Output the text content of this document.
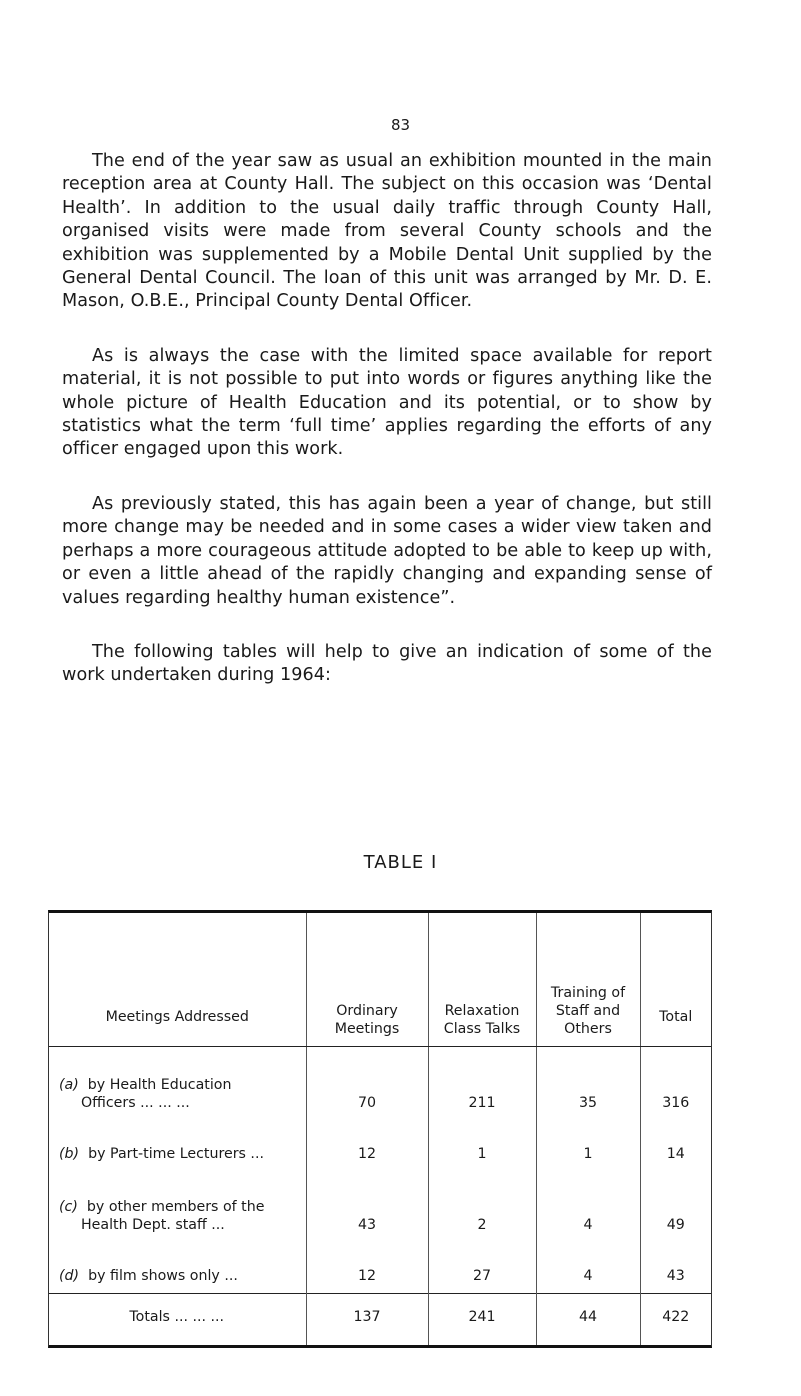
83

The end of the year saw as usual an exhibition mounted in the main reception area at County Hall. The subject on this occasion was ‘Dental Health’. In addition to the usual daily traffic through County Hall, organised visits were made from several County schools and the exhibition was supplemented by a Mobile Dental Unit supplied by the General Dental Council. The loan of this unit was arranged by Mr. D. E. Mason, O.B.E., Principal County Dental Officer.

As is always the case with the limited space available for report material, it is not possible to put into words or figures anything like the whole picture of Health Education and its potential, or to show by statistics what the term ‘full time’ applies regarding the efforts of any officer engaged upon this work.

As previously stated, this has again been a year of change, but still more change may be needed and in some cases a wider view taken and perhaps a more courageous attitude adopted to be able to keep up with, or even a little ahead of the rapidly changing and expanding sense of values regarding healthy human existence”.

The following tables will help to give an indication of some of the work undertaken during 1964:

TABLE I
Meetings Addressed	Ordinary Meetings	Relaxation Class Talks	Training of Staff and Others	Total
(a) by Health Education
Officers ... ... ...	70	211	35	316
(b) by Part-time Lecturers ...	12	1	1	14
(c) by other members of the
Health Dept. staff ...	43	2	4	49
(d) by film shows only ...	12	27	4	43
Totals ... ... ...	137	241	44	422
